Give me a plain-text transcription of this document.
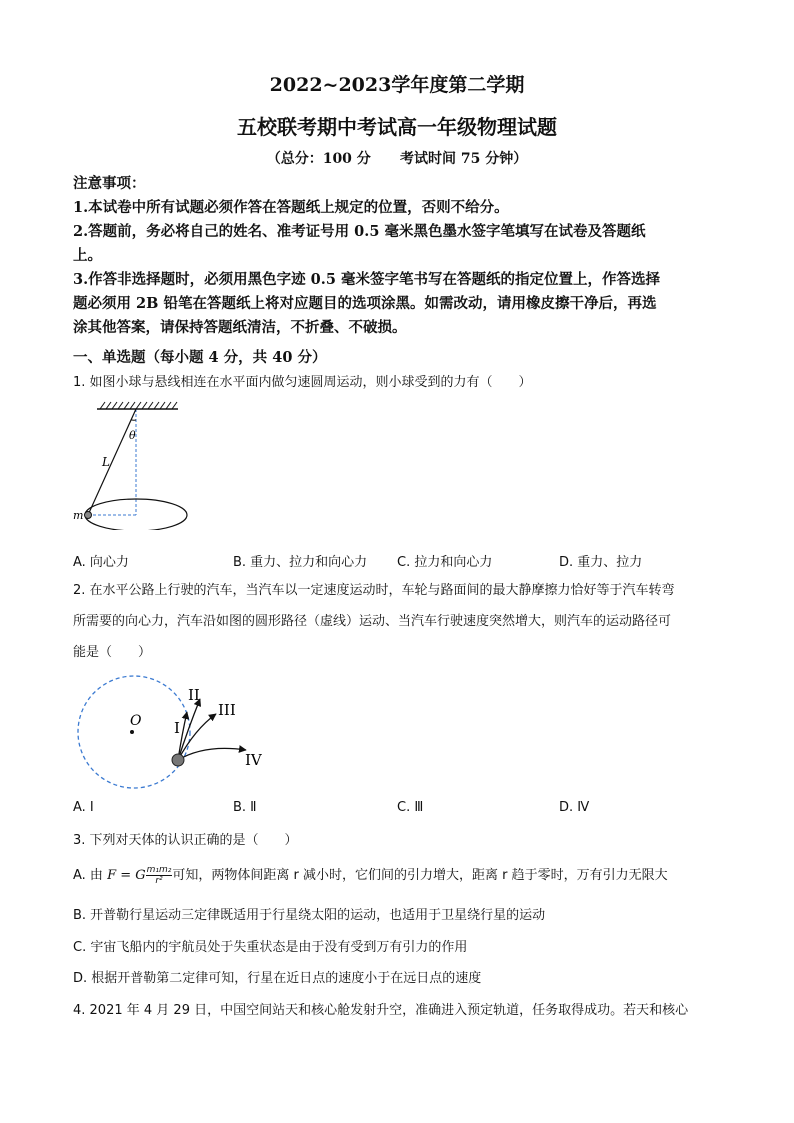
2022~2023学年度第二学期
五校联考期中考试高一年级物理试题
（总分：100 分      考试时间 75 分钟）
注意事项：
1.本试卷中所有试题必须作答在答题纸上规定的位置，否则不给分。
2.答题前，务必将自己的姓名、准考证号用 0.5 毫米黑色墨水签字笔填写在试卷及答题纸
上。
3.作答非选择题时，必须用黑色字迹 0.5 毫米签字笔书写在答题纸的指定位置上，作答选择
题必须用 2B 铅笔在答题纸上将对应题目的选项涂黑。如需改动，请用橡皮擦干净后，再选
涂其他答案，请保持答题纸清洁，不折叠、不破损。
一、单选题（每小题 4 分，共 40 分）
1. 如图小球与悬线相连在水平面内做匀速圆周运动，则小球受到的力有（　　）
θ
L
m
A. 向心力	B. 重力、拉力和向心力 C. 拉力和向心力	D. 重力、拉力
2. 在水平公路上行驶的汽车，当汽车以一定速度运动时，车轮与路面间的最大静摩擦力恰好等于汽车转弯
所需要的向心力，汽车沿如图的圆形路径（虚线）运动、当汽车行驶速度突然增大，则汽车的运动路径可
能是（　　）
O I
II
III
IV
A. Ⅰ	B. Ⅱ	C. Ⅲ	D. Ⅳ
3. 下列对天体的认识正确的是（　　）
A. 由 F = G $\frac{\text{m₁m₂}}{\text{r²}}$ 可知，两物体间距离 r 减小时，它们间的引力增大，距离 r 趋于零时，万有引力无限大
B. 开普勒行星运动三定律既适用于行星绕太阳的运动，也适用于卫星绕行星的运动
C. 宇宙飞船内的宇航员处于失重状态是由于没有受到万有引力的作用
D. 根据开普勒第二定律可知，行星在近日点的速度小于在远日点的速度
4. 2021 年 4 月 29 日，中国空间站天和核心舱发射升空，准确进入预定轨道，任务取得成功。若天和核心
